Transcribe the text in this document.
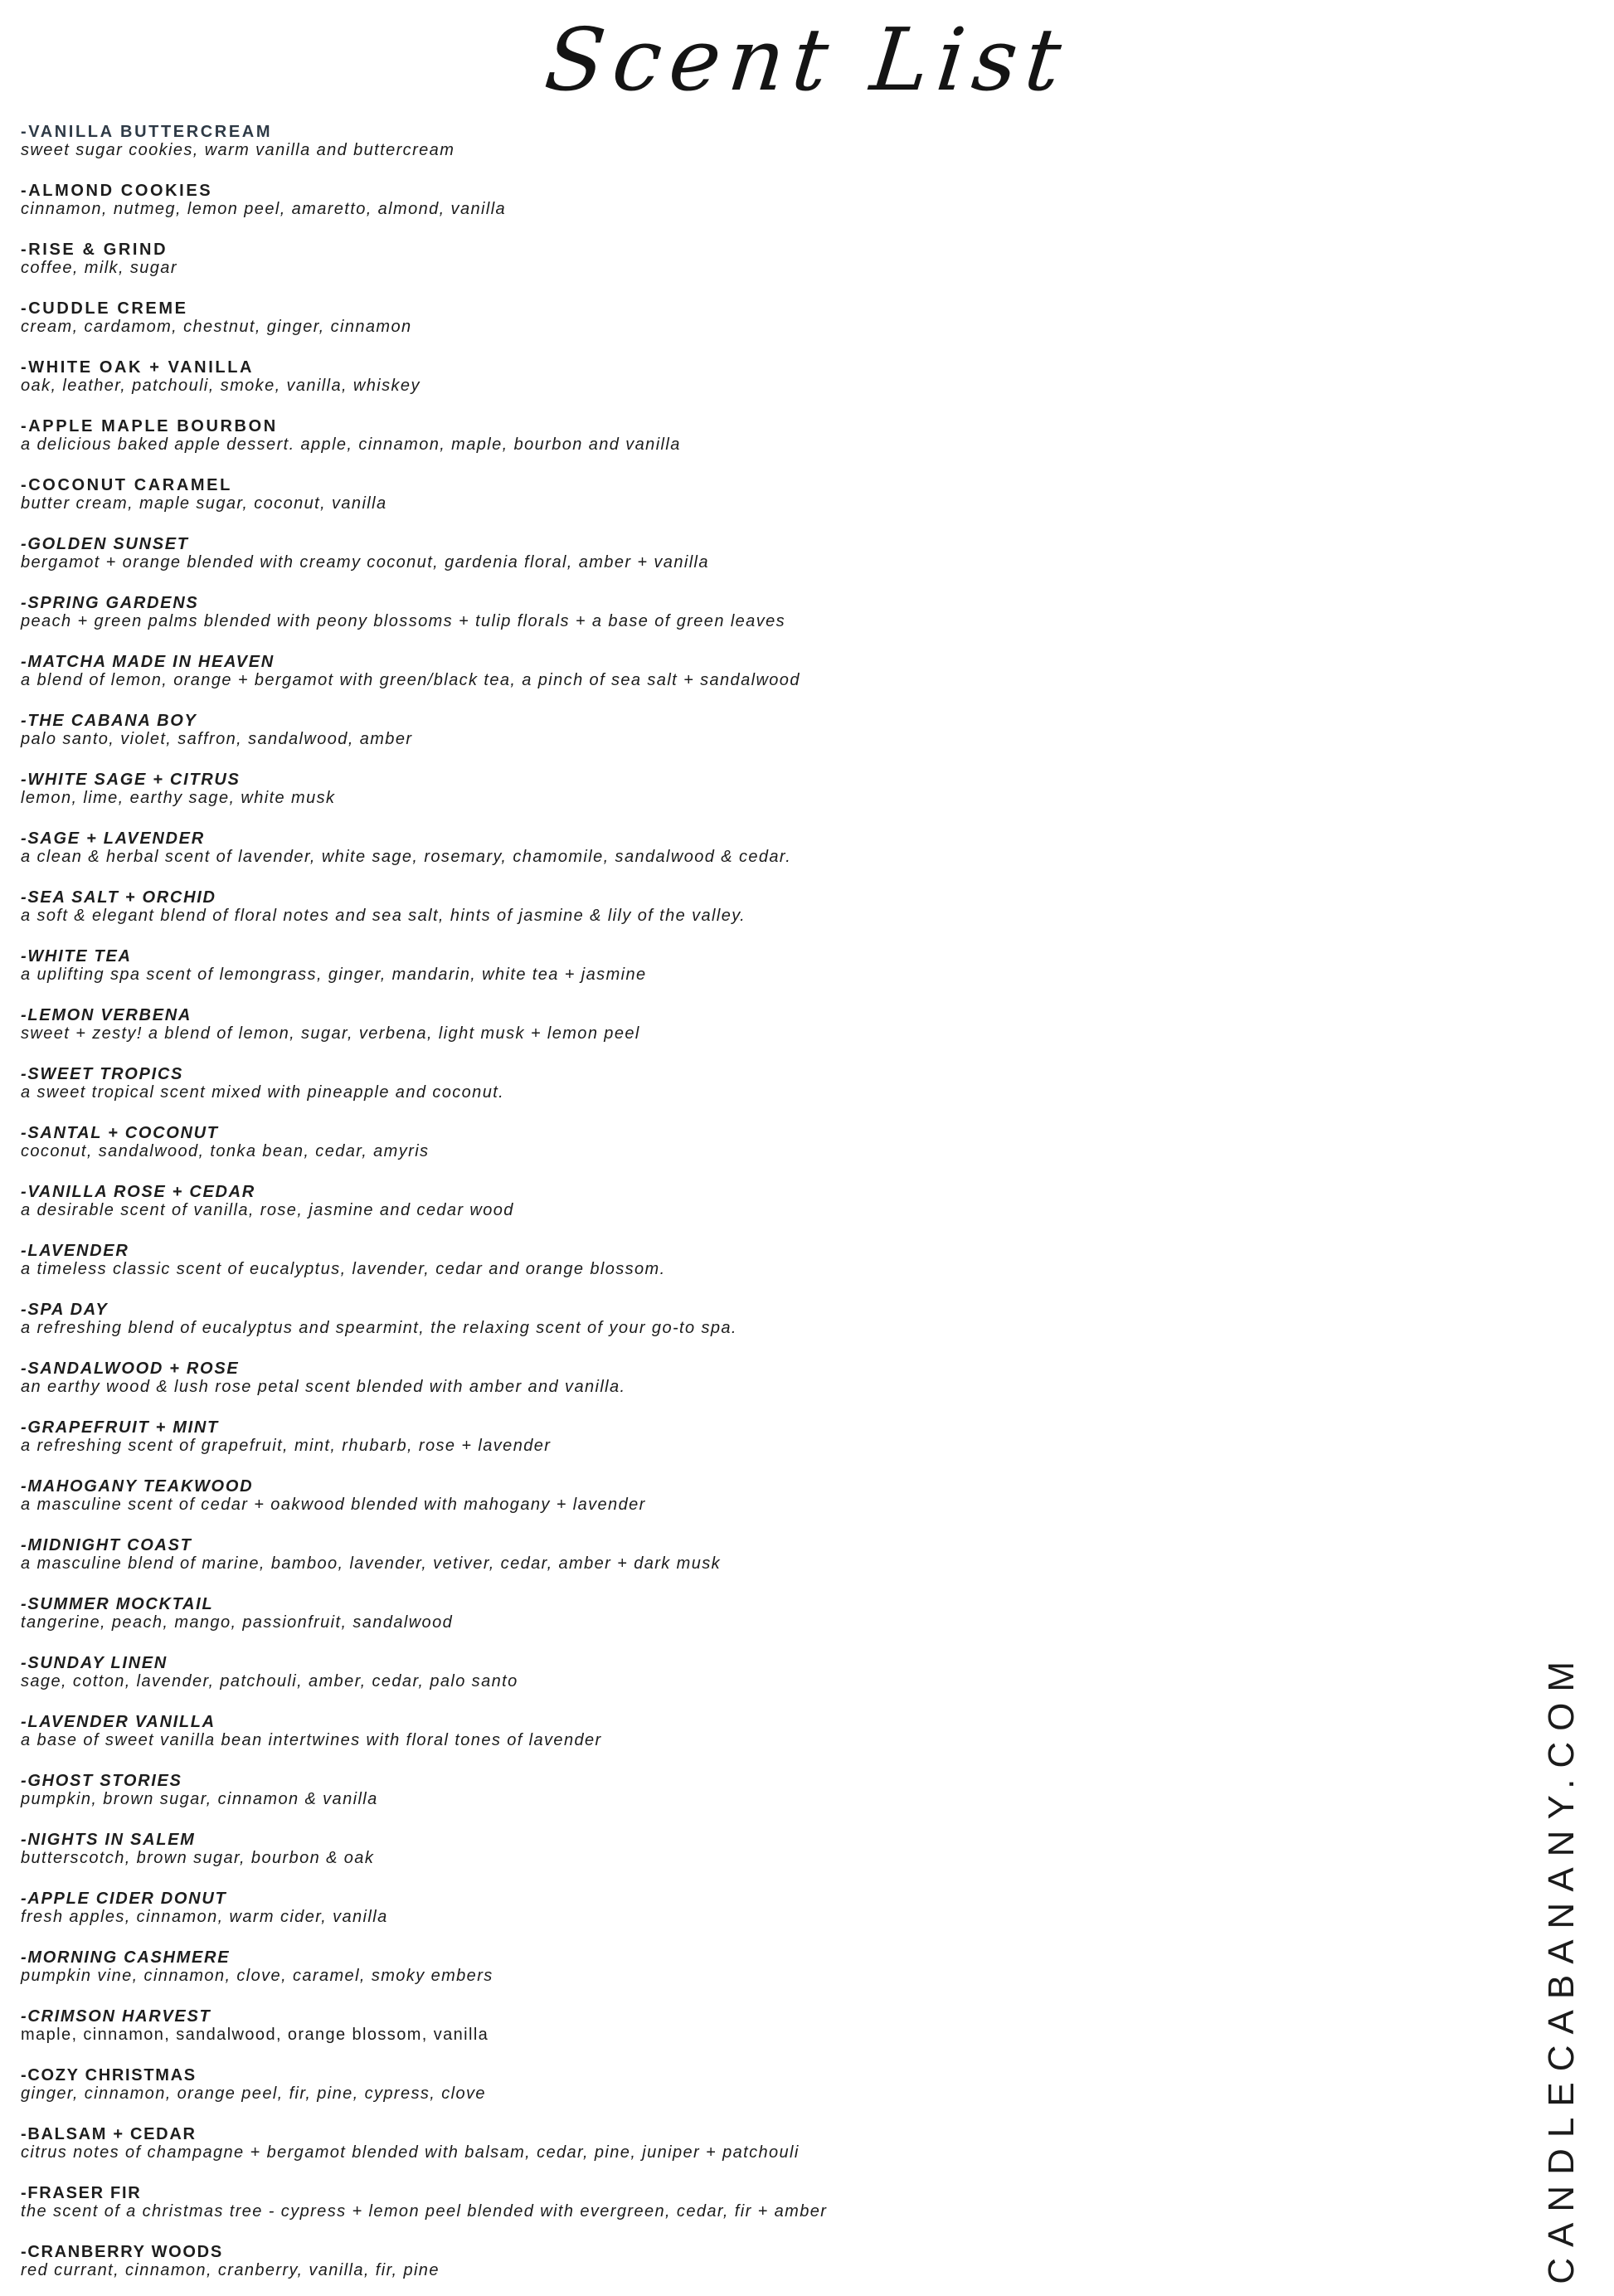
Scent List
-VANILLA BUTTERCREAM
sweet sugar cookies, warm vanilla and buttercream
-ALMOND COOKIES
cinnamon, nutmeg, lemon peel, amaretto, almond, vanilla
-RISE & GRIND
coffee, milk, sugar
-CUDDLE CREME
cream, cardamom, chestnut, ginger, cinnamon
-WHITE OAK + VANILLA
oak, leather, patchouli, smoke, vanilla, whiskey
-APPLE MAPLE BOURBON
a delicious baked apple dessert. apple, cinnamon, maple, bourbon and vanilla
-COCONUT CARAMEL
butter cream, maple sugar, coconut, vanilla
-GOLDEN SUNSET
bergamot + orange blended with creamy coconut, gardenia floral, amber + vanilla
-SPRING GARDENS
peach + green palms blended with peony blossoms + tulip florals + a base of green leaves
-MATCHA MADE IN HEAVEN
a blend of lemon, orange + bergamot with green/black tea, a pinch of sea salt + sandalwood
-THE CABANA BOY
palo santo, violet, saffron, sandalwood, amber
-WHITE SAGE + CITRUS
lemon, lime, earthy sage, white musk
-SAGE + LAVENDER
a clean & herbal scent of lavender, white sage, rosemary, chamomile, sandalwood & cedar.
-SEA SALT + ORCHID
a soft & elegant blend of floral notes and sea salt, hints of jasmine & lily of the valley.
-WHITE TEA
a uplifting spa scent of lemongrass, ginger, mandarin, white tea + jasmine
-LEMON VERBENA
sweet + zesty! a blend of lemon, sugar, verbena, light musk + lemon peel
-SWEET TROPICS
a sweet tropical scent mixed with pineapple and coconut.
-SANTAL + COCONUT
coconut, sandalwood, tonka bean, cedar, amyris
-VANILLA ROSE + CEDAR
a desirable scent of vanilla, rose, jasmine and cedar wood
-LAVENDER
a timeless classic scent of eucalyptus, lavender, cedar and orange blossom.
-SPA DAY
a refreshing blend of eucalyptus and spearmint, the relaxing scent of your go-to spa.
-SANDALWOOD + ROSE
an earthy wood & lush rose petal scent blended with amber and vanilla.
-GRAPEFRUIT + MINT
a refreshing scent of grapefruit, mint, rhubarb, rose + lavender
-MAHOGANY TEAKWOOD
a masculine scent of cedar + oakwood blended with mahogany + lavender
-MIDNIGHT COAST
a masculine blend of marine, bamboo, lavender, vetiver, cedar, amber + dark musk
-SUMMER MOCKTAIL
tangerine, peach, mango, passionfruit, sandalwood
-SUNDAY LINEN
sage, cotton, lavender, patchouli, amber, cedar, palo santo
-LAVENDER VANILLA
a base of sweet vanilla bean intertwines with floral tones of lavender
-GHOST STORIES
pumpkin, brown sugar, cinnamon & vanilla
-NIGHTS IN SALEM
butterscotch, brown sugar, bourbon & oak
-APPLE CIDER DONUT
fresh apples, cinnamon, warm cider, vanilla
-MORNING CASHMERE
pumpkin vine, cinnamon, clove, caramel, smoky embers
-CRIMSON HARVEST
maple, cinnamon, sandalwood, orange blossom, vanilla
-COZY CHRISTMAS
ginger, cinnamon, orange peel, fir, pine, cypress, clove
-BALSAM + CEDAR
citrus notes of champagne + bergamot blended with balsam, cedar, pine, juniper + patchouli
-FRASER FIR
the scent of a christmas tree - cypress + lemon peel blended with evergreen, cedar, fir + amber
-CRANBERRY WOODS
red currant, cinnamon, cranberry, vanilla, fir, pine	CANDLECABANANY.COM
